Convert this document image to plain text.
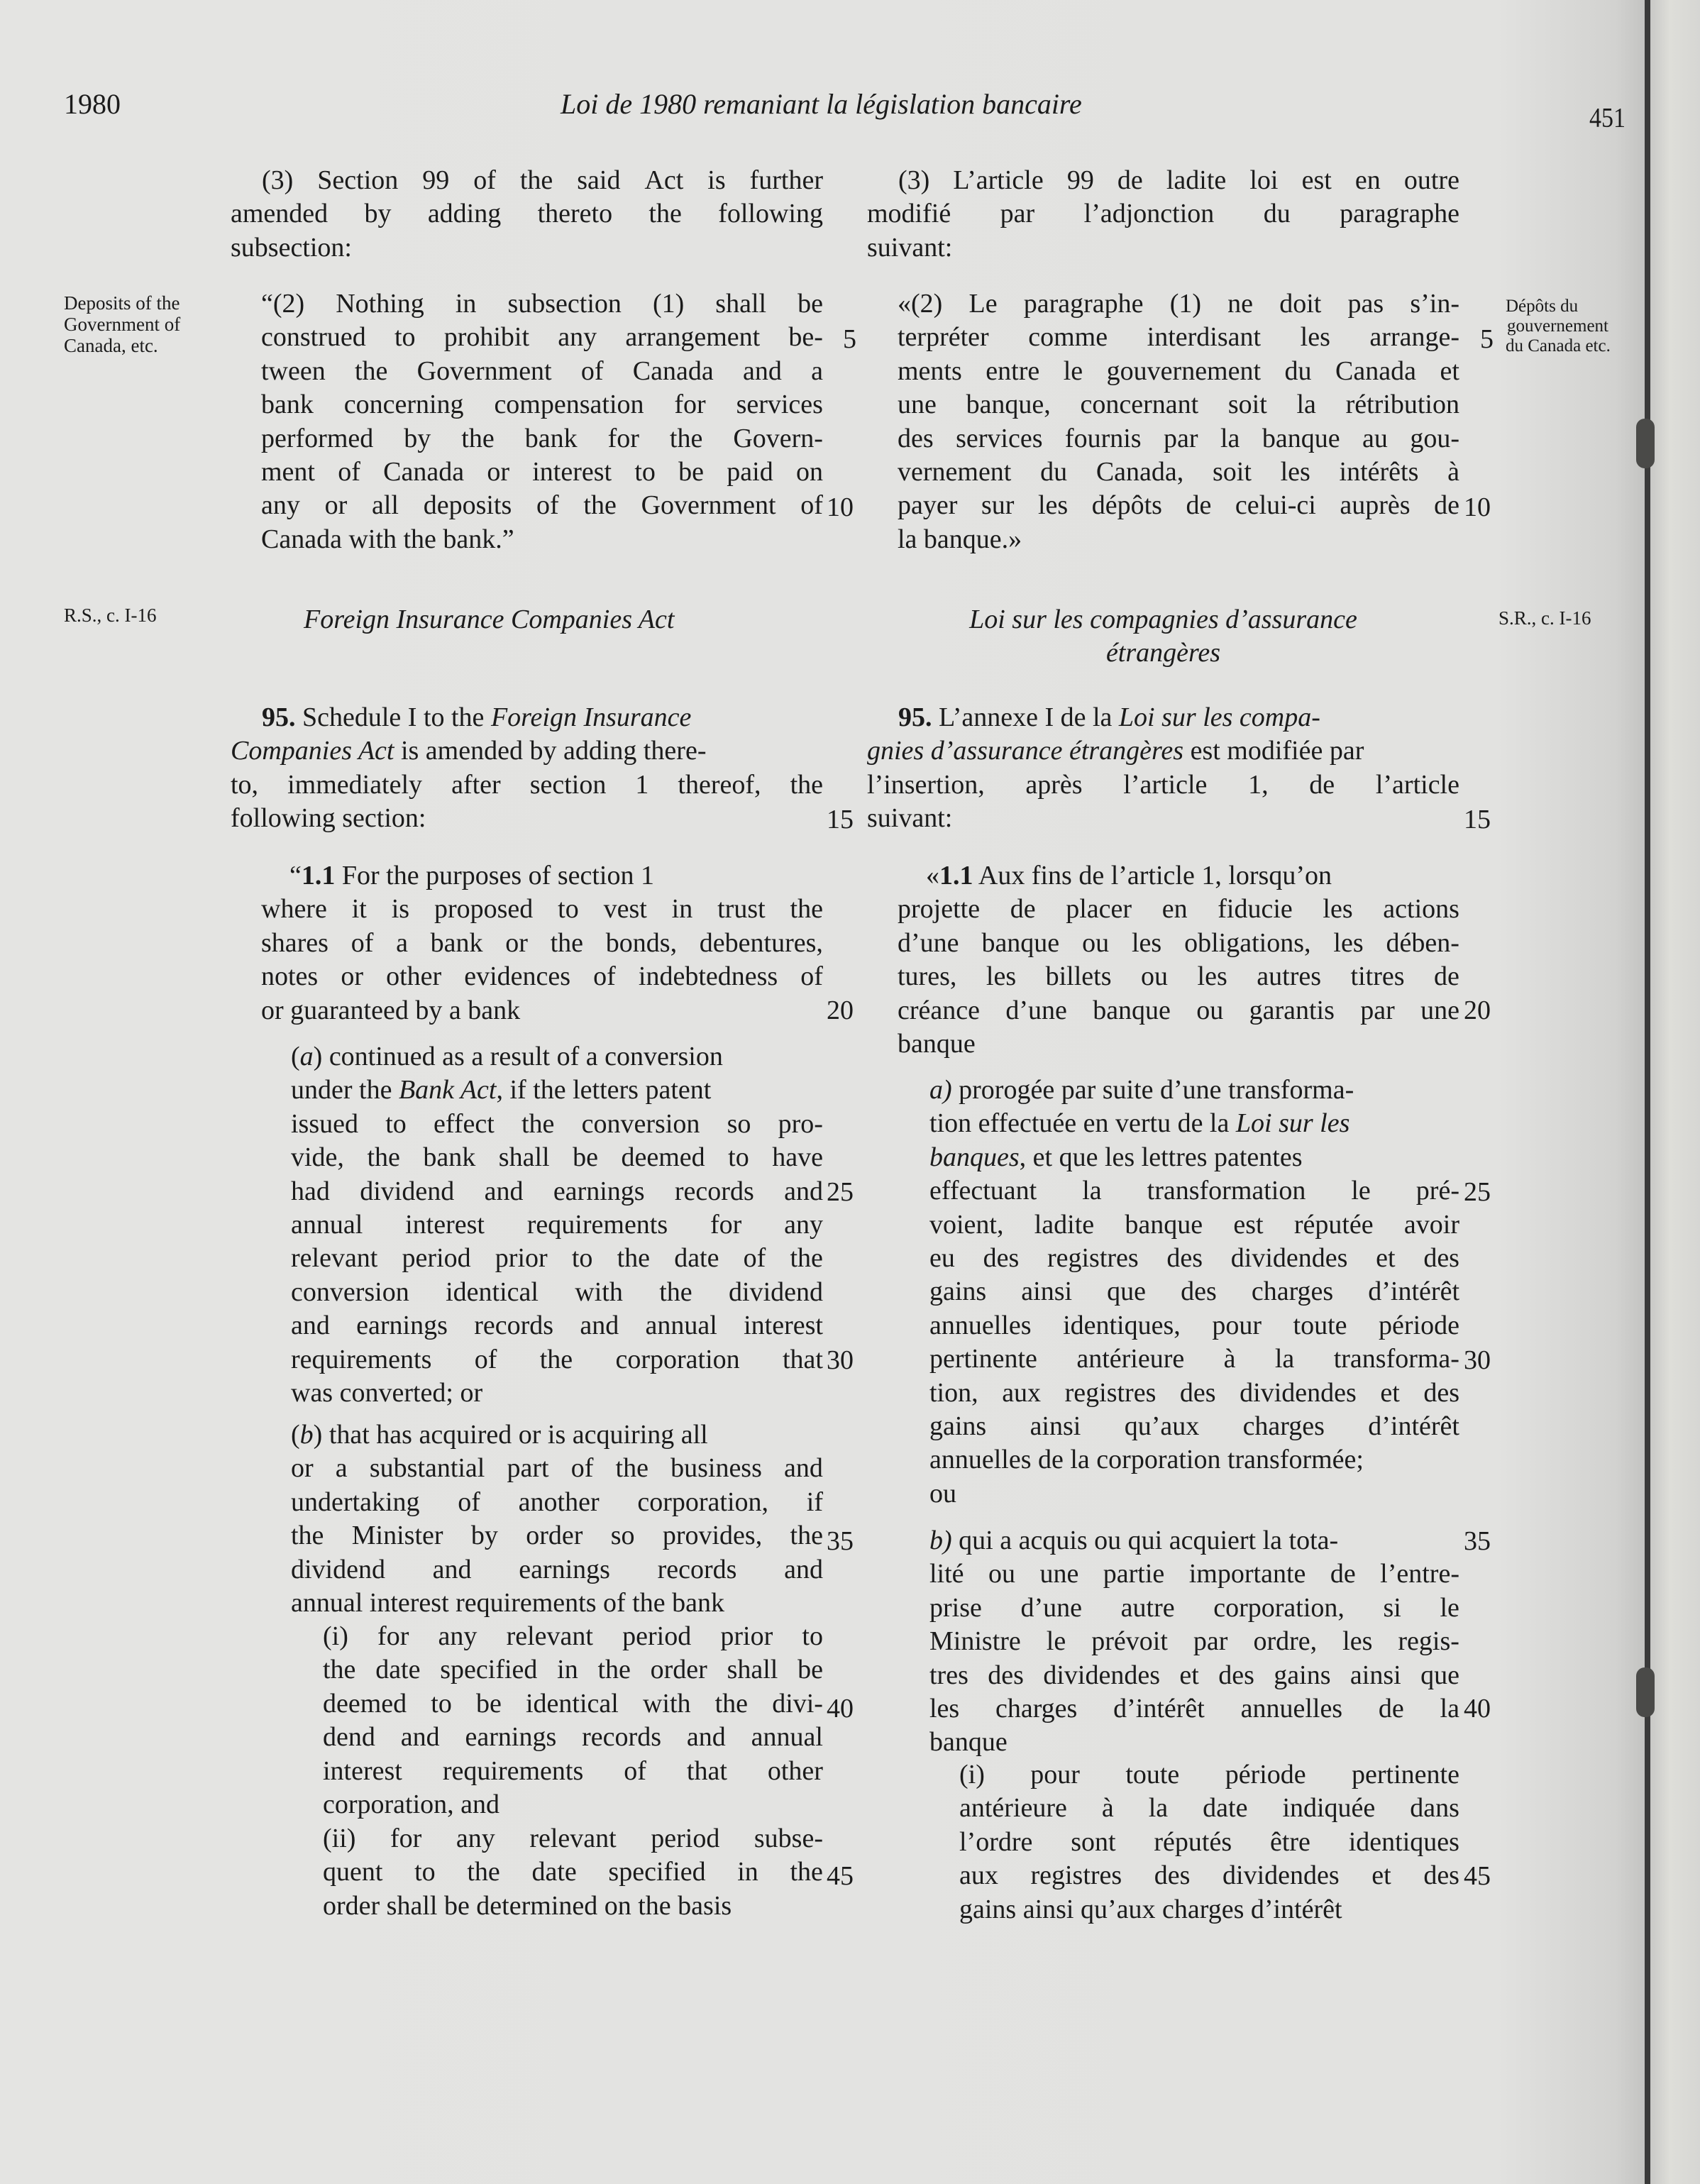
1980	Loi de 1980 remaniant la législation bancaire	451
Deposits of the
Government of
Canada, etc.
R.S., c. I-16
Dépôts du
gouvernement
du Canada etc.
S.R., c. I-16
5
10
15
20
25
30
35
40
45
5
10
15
20
25
30
35
40
45
(3) Section 99 of the said Act is further
amended by adding thereto the following
subsection:
“(2) Nothing in subsection (1) shall be
construed to prohibit any arrangement be-
tween the Government of Canada and a
bank concerning compensation for services
performed by the bank for the Govern-
ment of Canada or interest to be paid on
any or all deposits of the Government of
Canada with the bank.”
Foreign Insurance Companies Act
95. Schedule I to the Foreign Insurance
Companies Act is amended by adding there-
to, immediately after section 1 thereof, the
following section:
“1.1 For the purposes of section 1
where it is proposed to vest in trust the
shares of a bank or the bonds, debentures,
notes or other evidences of indebtedness of
or guaranteed by a bank
(a) continued as a result of a conversion
under the Bank Act, if the letters patent
issued to effect the conversion so pro-
vide, the bank shall be deemed to have
had dividend and earnings records and
annual interest requirements for any
relevant period prior to the date of the
conversion identical with the dividend
and earnings records and annual interest
requirements of the corporation that
was converted; or
(b) that has acquired or is acquiring all
or a substantial part of the business and
undertaking of another corporation, if
the Minister by order so provides, the
dividend and earnings records and
annual interest requirements of the bank
(i) for any relevant period prior to
the date specified in the order shall be
deemed to be identical with the divi-
dend and earnings records and annual
interest requirements of that other
corporation, and
(ii) for any relevant period subse-
quent to the date specified in the
order shall be determined on the basis
(3) L’article 99 de ladite loi est en outre
modifié par l’adjonction du paragraphe
suivant:
«(2) Le paragraphe (1) ne doit pas s’in-
terpréter comme interdisant les arrange-
ments entre le gouvernement du Canada et
une banque, concernant soit la rétribution
des services fournis par la banque au gou-
vernement du Canada, soit les intérêts à
payer sur les dépôts de celui-ci auprès de
la banque.»
Loi sur les compagnies d’assurance
étrangères
95. L’annexe I de la Loi sur les compa-
gnies d’assurance étrangères est modifiée par
l’insertion, après l’article 1, de l’article
suivant:
«1.1 Aux fins de l’article 1, lorsqu’on
projette de placer en fiducie les actions
d’une banque ou les obligations, les dében-
tures, les billets ou les autres titres de
créance d’une banque ou garantis par une
banque
a) prorogée par suite d’une transforma-
tion effectuée en vertu de la Loi sur les
banques, et que les lettres patentes
effectuant la transformation le pré-
voient, ladite banque est réputée avoir
eu des registres des dividendes et des
gains ainsi que des charges d’intérêt
annuelles identiques, pour toute période
pertinente antérieure à la transforma-
tion, aux registres des dividendes et des
gains ainsi qu’aux charges d’intérêt
annuelles de la corporation transformée;
ou
b) qui a acquis ou qui acquiert la tota-
lité ou une partie importante de l’entre-
prise d’une autre corporation, si le
Ministre le prévoit par ordre, les regis-
tres des dividendes et des gains ainsi que
les charges d’intérêt annuelles de la
banque
(i) pour toute période pertinente
antérieure à la date indiquée dans
l’ordre sont réputés être identiques
aux registres des dividendes et des
gains ainsi qu’aux charges d’intérêt
